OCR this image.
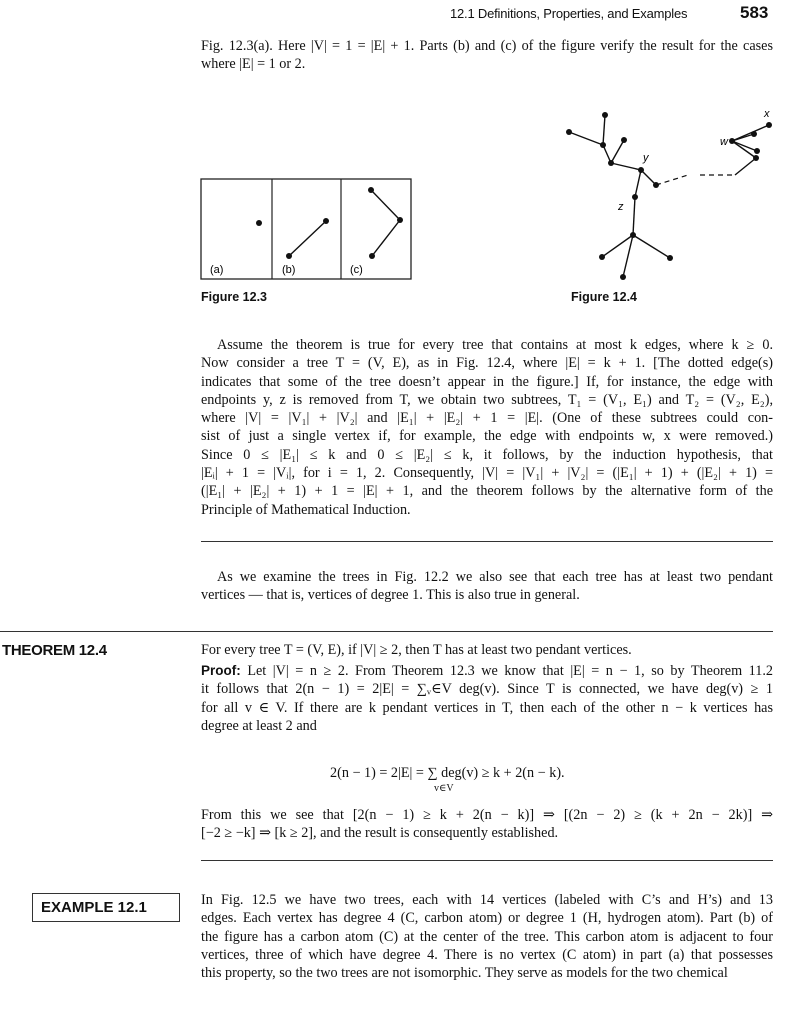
12.1 Definitions, Properties, and Examples	583

Fig. 12.3(a). Here |V| = 1 = |E| + 1. Parts (b) and (c) of the figure verify the result for the cases where |E| = 1 or 2.

(a)	(b)	(c)
Figure 12.3
y
z
w
x
Figure 12.4
Assume the theorem is true for every tree that contains at most k edges, where k ≥ 0.
Now consider a tree T = (V, E), as in Fig. 12.4, where |E| = k + 1. [The dotted edge(s)
indicates that some of the tree doesn’t appear in the figure.] If, for instance, the edge with
endpoints y, z is removed from T, we obtain two subtrees, T₁ = (V₁, E₁) and T₂ = (V₂, E₂),
where |V| = |V₁| + |V₂| and |E₁| + |E₂| + 1 = |E|. (One of these subtrees could con-
sist of just a single vertex if, for example, the edge with endpoints w, x were removed.)
Since 0 ≤ |E₁| ≤ k and 0 ≤ |E₂| ≤ k, it follows, by the induction hypothesis, that
|Eᵢ| + 1 = |Vᵢ|, for i = 1, 2. Consequently, |V| = |V₁| + |V₂| = (|E₁| + 1) + (|E₂| + 1) =
(|E₁| + |E₂| + 1) + 1 = |E| + 1, and the theorem follows by the alternative form of the
Principle of Mathematical Induction.
As we examine the trees in Fig. 12.2 we also see that each tree has at least two pendant
vertices — that is, vertices of degree 1. This is also true in general.
THEOREM 12.4	For every tree T = (V, E), if |V| ≥ 2, then T has at least two pendant vertices.
Proof: Let |V| = n ≥ 2. From Theorem 12.3 we know that |E| = n − 1, so by Theorem 11.2
it follows that 2(n − 1) = 2|E| = ∑ᵥ∈V deg(v). Since T is connected, we have deg(v) ≥ 1
for all v ∈ V. If there are k pendant vertices in T, then each of the other n − k vertices has
degree at least 2 and
2(n − 1) = 2|E| = ∑ deg(v) ≥ k + 2(n − k).
v∈V
From this we see that [2(n − 1) ≥ k + 2(n − k)] ⇒ [(2n − 2) ≥ (k + 2n − 2k)] ⇒
[−2 ≥ −k] ⇒ [k ≥ 2], and the result is consequently established.
EXAMPLE 12.1	In Fig. 12.5 we have two trees, each with 14 vertices (labeled with C’s and H’s) and 13
edges. Each vertex has degree 4 (C, carbon atom) or degree 1 (H, hydrogen atom). Part (b) of
the figure has a carbon atom (C) at the center of the tree. This carbon atom is adjacent to four
vertices, three of which have degree 4. There is no vertex (C atom) in part (a) that possesses
this property, so the two trees are not isomorphic. They serve as models for the two chemical
